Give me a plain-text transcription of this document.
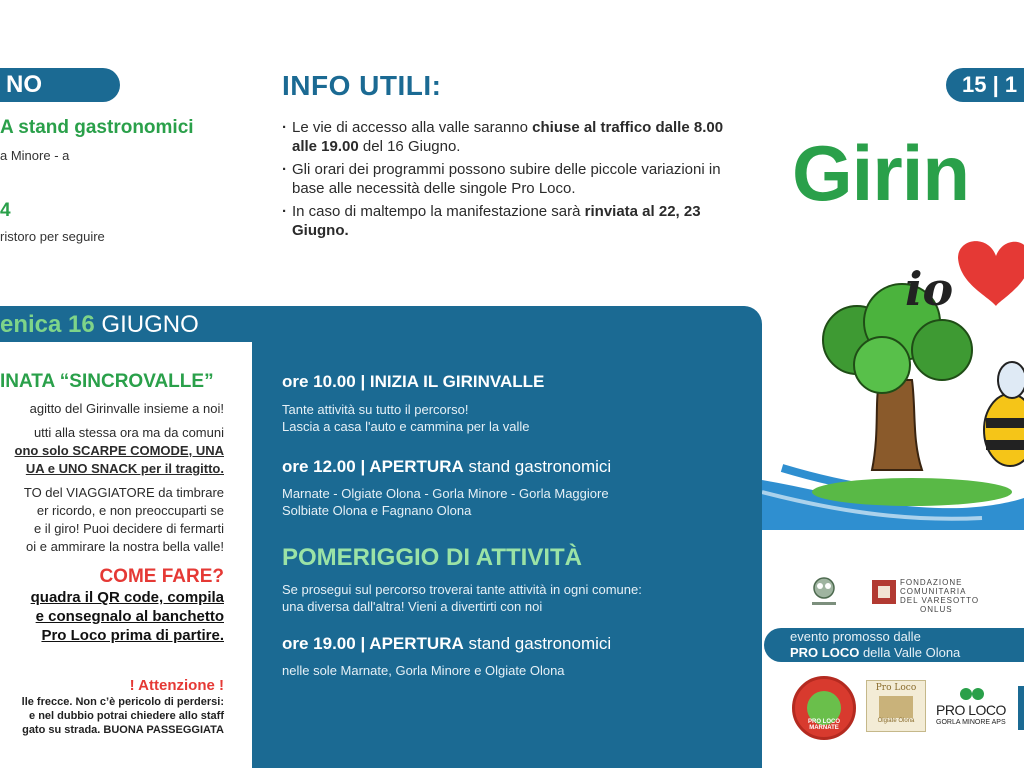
NO
A stand gastronomici
a Minore - a
4
ristoro per seguire
INFO UTILI:
· Le vie di accesso alla valle saranno chiuse al traffico dalle 8.00 alle 19.00 del 16 Giugno.
· Gli orari dei programmi possono subire delle piccole variazioni in base alle necessità delle singole Pro Loco.
· In caso di maltempo la manifestazione sarà rinviata al 22, 23 Giugno.
enica 16 GIUGNO
INATA “SINCROVALLE”
agitto del Girinvalle insieme a noi!
utti alla stessa ora ma da comuni
ono solo SCARPE COMODE, UNA
UA e UNO SNACK per il tragitto.
TO del VIAGGIATORE da timbrare
er ricordo, e non preoccuparti se
e il giro! Puoi decidere di fermarti
oi e ammirare la nostra bella valle!
COME FARE?
quadra il QR code, compila
e consegnalo al banchetto
Pro Loco prima di partire.
! Attenzione !
lle frecce. Non c’è pericolo di perdersi:
e nel dubbio potrai chiedere allo staff
gato su strada. BUONA PASSEGGIATA
ore 10.00 | INIZIA IL GIRINVALLE
Tante attività su tutto il percorso!
Lascia a casa l'auto e cammina per la valle
ore 12.00 | APERTURA stand gastronomici
Marnate - Olgiate Olona - Gorla Minore - Gorla Maggiore
Solbiate Olona e Fagnano Olona
POMERIGGIO DI ATTIVITÀ
Se prosegui sul percorso troverai tante attività in ogni comune:
una diversa dall'altra! Vieni a divertirti con noi
ore 19.00 | APERTURA stand gastronomici
nelle sole Marnate, Gorla Minore e Olgiate Olona
15 | 1
Girin
io
FONDAZIONE
COMUNITARIA
DEL VARESOTTO
ONLUS
evento promosso dalle
PRO LOCO della Valle Olona
PRO LOCO MARNATE
Pro Loco
Olgiate Olona
PRO LOCO
GORLA MINORE APS
